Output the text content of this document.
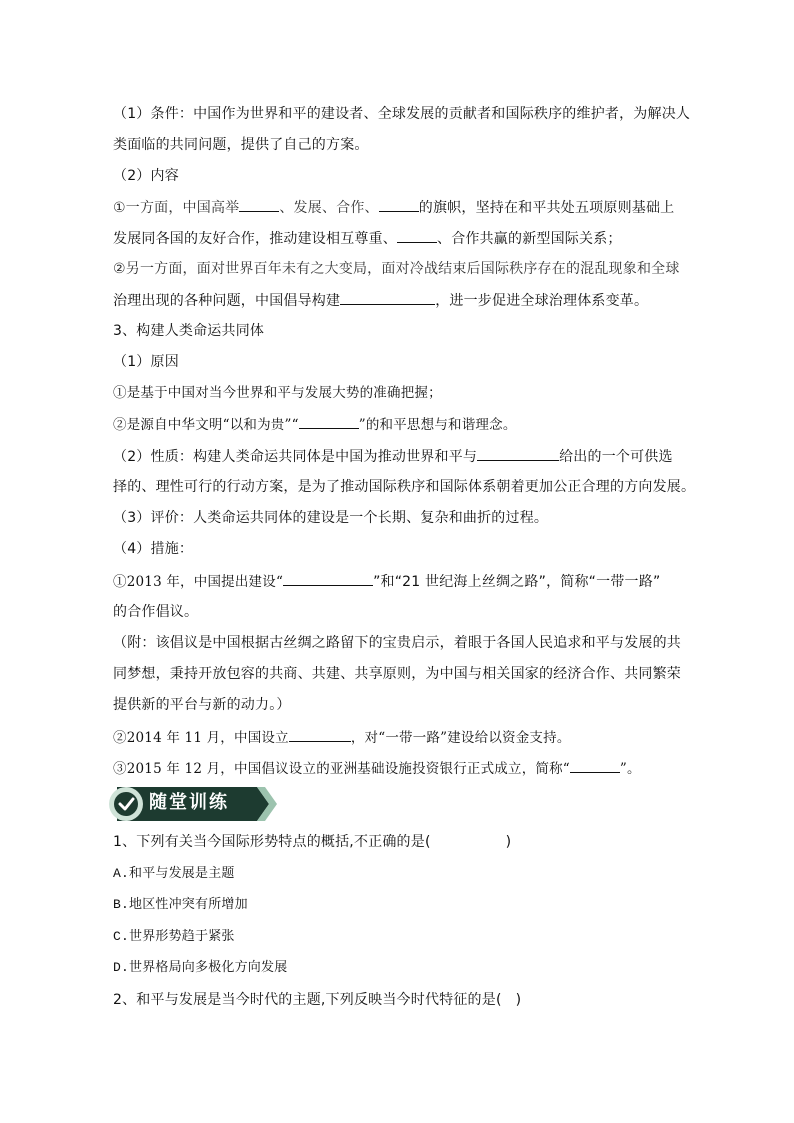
（1）条件：中国作为世界和平的建设者、全球发展的贡献者和国际秩序的维护者，为解决人
类面临的共同问题，提供了自己的方案。
（2）内容
①一方面，中国高举	、发展、合作、	的旗帜，坚持在和平共处五项原则基础上
发展同各国的友好合作，推动建设相互尊重、	、合作共赢的新型国际关系；
②另一方面，面对世界百年未有之大变局，面对冷战结束后国际秩序存在的混乱现象和全球
治理出现的各种问题，中国倡导构建	，进一步促进全球治理体系变革。
3、构建人类命运共同体
（1）原因
①是基于中国对当今世界和平与发展大势的准确把握；
②是源自中华文明“以和为贵”“	”的和平思想与和谐理念。
（2）性质：构建人类命运共同体是中国为推动世界和平与	给出的一个可供选
择的、理性可行的行动方案，是为了推动国际秩序和国际体系朝着更加公正合理的方向发展。
（3）评价：人类命运共同体的建设是一个长期、复杂和曲折的过程。
（4）措施：
①2013 年，中国提出建设“	”和“21 世纪海上丝绸之路”，简称“一带一路”
的合作倡议。
（附：该倡议是中国根据古丝绸之路留下的宝贵启示，着眼于各国人民追求和平与发展的共
同梦想，秉持开放包容的共商、共建、共享原则，为中国与相关国家的经济合作、共同繁荣
提供新的平台与新的动力。）
②2014 年 11 月，中国设立	，对“一带一路”建设给以资金支持。
③2015 年 12 月，中国倡议设立的亚洲基础设施投资银行正式成立，简称“	”。
随堂训练
1、下列有关当今国际形势特点的概括,不正确的是(	)
A.和平与发展是主题
B.地区性冲突有所增加
C.世界形势趋于紧张
D.世界格局向多极化方向发展
2、和平与发展是当今时代的主题,下列反映当今时代特征的是( )
